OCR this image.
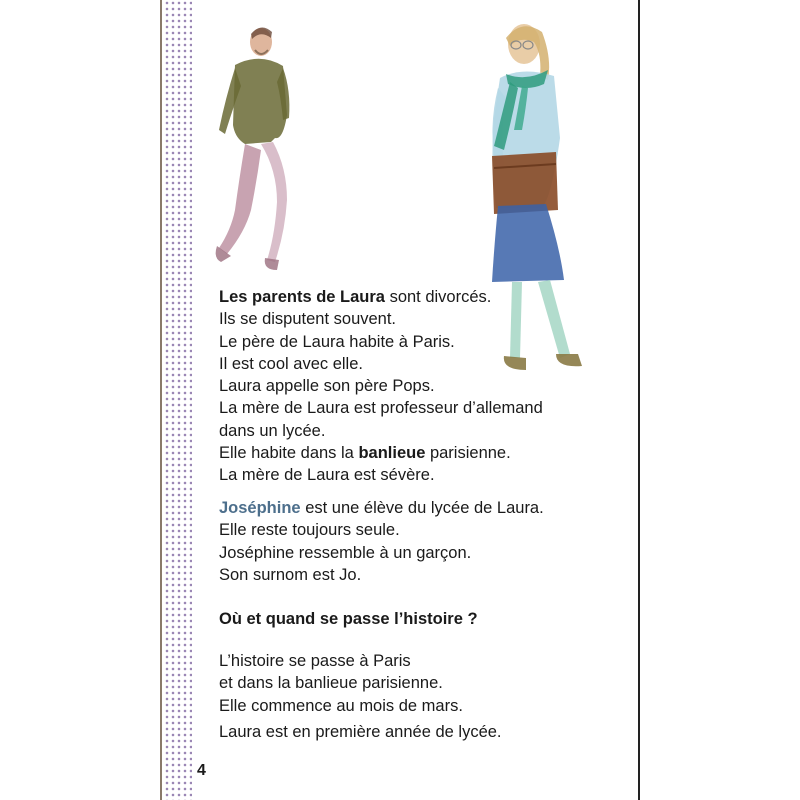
Les parents de Laura sont divorcés.

Ils se disputent souvent.

Le père de Laura habite à Paris.

Il est cool avec elle.

Laura appelle son père Pops.

La mère de Laura est professeur d’allemand

dans un lycée.

Elle habite dans la banlieue parisienne.

La mère de Laura est sévère.

Joséphine est une élève du lycée de Laura.

Elle reste toujours seule.

Joséphine ressemble à un garçon.

Son surnom est Jo.

Où et quand se passe l’histoire ?

L’histoire se passe à Paris

et dans la banlieue parisienne.

Elle commence au mois de mars.

Laura est en première année de lycée.

4
